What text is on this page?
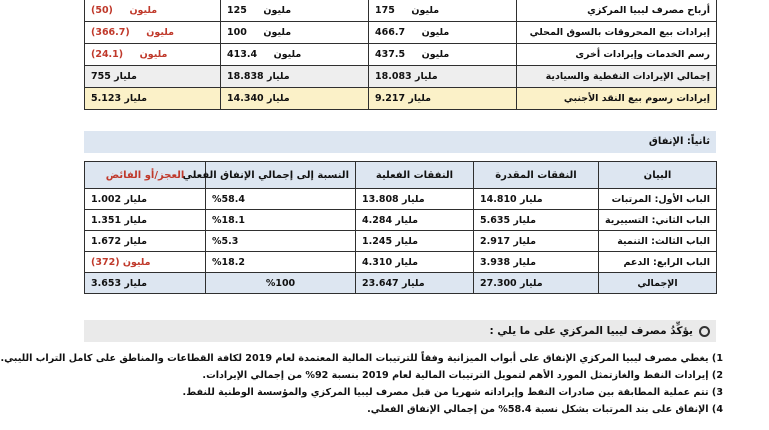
أرباح مصرف ليبيا المركزي	175 مليون	125 مليون	(50) مليون
إيرادات بيع المحروقات بالسوق المحلي	466.7 مليون	100 مليون	(366.7) مليون
رسم الخدمات وإيرادات أخرى	437.5 مليون	413.4 مليون	(24.1) مليون
إجمالي الإيرادات النفطية والسيادية	مليار 18.083	مليار 18.838	مليار 755
إيرادات رسوم بيع النقد الأجنبي	مليار 9.217	مليار 14.340	مليار 5.123
ثانياً: الإنفاق
البيان	النفقات المقدرة	النفقات الفعلية	النسبة إلى إجمالي الإنفاق الفعلي	العجز/أو الفائض
الباب الأول: المرتبات	مليار 14.810	مليار 13.808	%58.4	مليار 1.002
الباب الثاني: التسييرية	مليار 5.635	مليار 4.284	%18.1	مليار 1.351
الباب الثالث: التنمية	مليار 2.917	مليار 1.245	%5.3	مليار 1.672
الباب الرابع: الدعم	مليار 3.938	مليار 4.310	%18.2	مليون (372)
الإجمالي	مليار 27.300	مليار 23.647	%100	مليار 3.653
يؤكِّدُ مصرف ليبيا المركزي على ما يلي :
1) يغطي مصرف ليبيا المركزي الإنفاق على أبواب الميزانية وفقاً للترتيبات المالية المعتمدة لعام 2019 لكافة القطاعات والمناطق على كامل التراب الليبي.
2) إيرادات النفط والغازتمثل المورد الأهم لتمويل الترتيبات المالية لعام 2019 بنسبة 92% من إجمالي الإيرادات.
3) تتم عملية المطابقة بين صادرات النفط وإيراداته شهريا من قبل مصرف ليبيا المركزي والمؤسسة الوطنية للنفط.
4) الإنفاق على بند المرتبات بشكل نسبة 58.4% من إجمالي الإنفاق الفعلي.
